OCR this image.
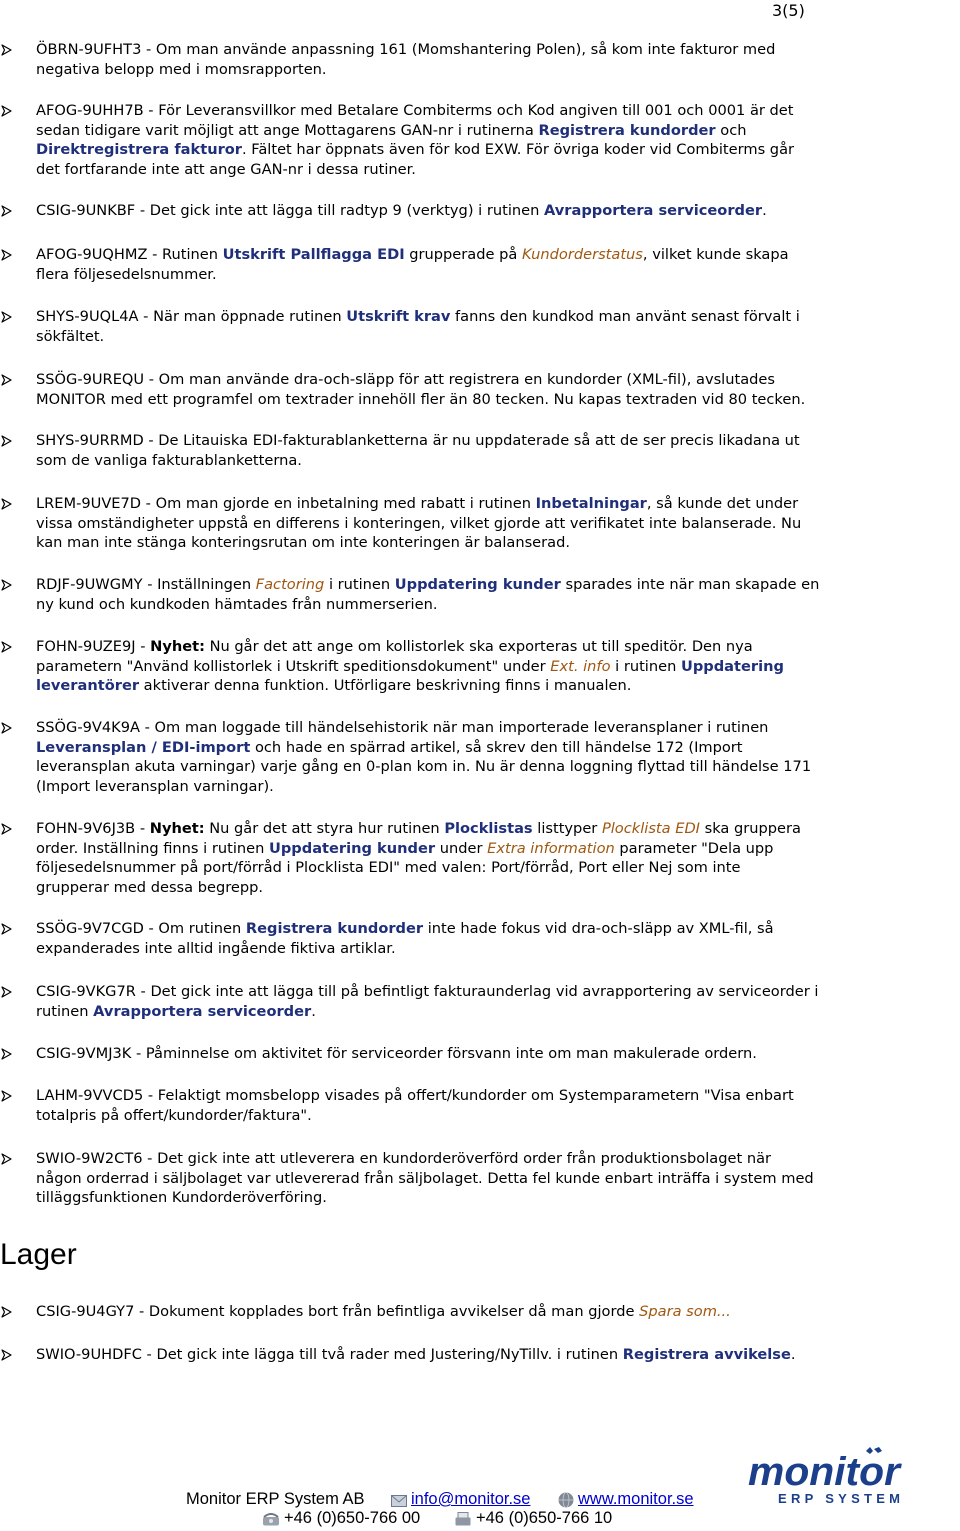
3(5)
ÖBRN-9UFHT3 - Om man använde anpassning 161 (Momshantering Polen), så kom inte fakturor med
negativa belopp med i momsrapporten.
AFOG-9UHH7B - För Leveransvillkor med Betalare Combiterms och Kod angiven till 001 och 0001 är det
sedan tidigare varit möjligt att ange Mottagarens GAN-nr i rutinerna Registrera kundorder och
Direktregistrera fakturor. Fältet har öppnats även för kod EXW. För övriga koder vid Combiterms går
det fortfarande inte att ange GAN-nr i dessa rutiner.
CSIG-9UNKBF - Det gick inte att lägga till radtyp 9 (verktyg) i rutinen Avrapportera serviceorder.
AFOG-9UQHMZ - Rutinen Utskrift Pallflagga EDI grupperade på Kundorderstatus, vilket kunde skapa
flera följesedelsnummer.
SHYS-9UQL4A - När man öppnade rutinen Utskrift krav fanns den kundkod man använt senast förvalt i
sökfältet.
SSÖG-9UREQU - Om man använde dra-och-släpp för att registrera en kundorder (XML-fil), avslutades
MONITOR med ett programfel om textrader innehöll fler än 80 tecken. Nu kapas textraden vid 80 tecken.
SHYS-9URRMD - De Litauiska EDI-fakturablanketterna är nu uppdaterade så att de ser precis likadana ut
som de vanliga fakturablanketterna.
LREM-9UVE7D - Om man gjorde en inbetalning med rabatt i rutinen Inbetalningar, så kunde det under
vissa omständigheter uppstå en differens i konteringen, vilket gjorde att verifikatet inte balanserade. Nu
kan man inte stänga konteringsrutan om inte konteringen är balanserad.
RDJF-9UWGMY - Inställningen Factoring i rutinen Uppdatering kunder sparades inte när man skapade en
ny kund och kundkoden hämtades från nummerserien.
FOHN-9UZE9J - Nyhet: Nu går det att ange om kollistorlek ska exporteras ut till speditör. Den nya
parametern "Använd kollistorlek i Utskrift speditionsdokument" under Ext. info i rutinen Uppdatering
leverantörer aktiverar denna funktion. Utförligare beskrivning finns i manualen.
SSÖG-9V4K9A - Om man loggade till händelsehistorik när man importerade leveransplaner i rutinen
Leveransplan / EDI-import och hade en spärrad artikel, så skrev den till händelse 172 (Import
leveransplan akuta varningar) varje gång en 0-plan kom in. Nu är denna loggning flyttad till händelse 171
(Import leveransplan varningar).
FOHN-9V6J3B - Nyhet: Nu går det att styra hur rutinen Plocklistas listtyper Plocklista EDI ska gruppera
order. Inställning finns i rutinen Uppdatering kunder under Extra information parameter "Dela upp
följesedelsnummer på port/förråd i Plocklista EDI" med valen: Port/förråd, Port eller Nej som inte
grupperar med dessa begrepp.
SSÖG-9V7CGD - Om rutinen Registrera kundorder inte hade fokus vid dra-och-släpp av XML-fil, så
expanderades inte alltid ingående fiktiva artiklar.
CSIG-9VKG7R - Det gick inte att lägga till på befintligt fakturaunderlag vid avrapportering av serviceorder i
rutinen Avrapportera serviceorder.
CSIG-9VMJ3K - Påminnelse om aktivitet för serviceorder försvann inte om man makulerade ordern.
LAHM-9VVCD5 - Felaktigt momsbelopp visades på offert/kundorder om Systemparametern "Visa enbart
totalpris på offert/kundorder/faktura".
SWIO-9W2CT6 - Det gick inte att utleverera en kundorderöverförd order från produktionsbolaget när
någon orderrad i säljbolaget var utlevererad från säljbolaget. Detta fel kunde enbart inträffa i system med
tilläggsfunktionen Kundorderöverföring.
CSIG-9U4GY7 - Dokument kopplades bort från befintliga avvikelser då man gjorde Spara som...
SWIO-9UHDFC - Det gick inte lägga till två rader med Justering/NyTillv. i rutinen Registrera avvikelse.
Lager
Monitor ERP System AB	info@monitor.se	www.monitor.se
+46 (0)650-766 00	+46 (0)650-766 10
monitor
ERP SYSTEM
